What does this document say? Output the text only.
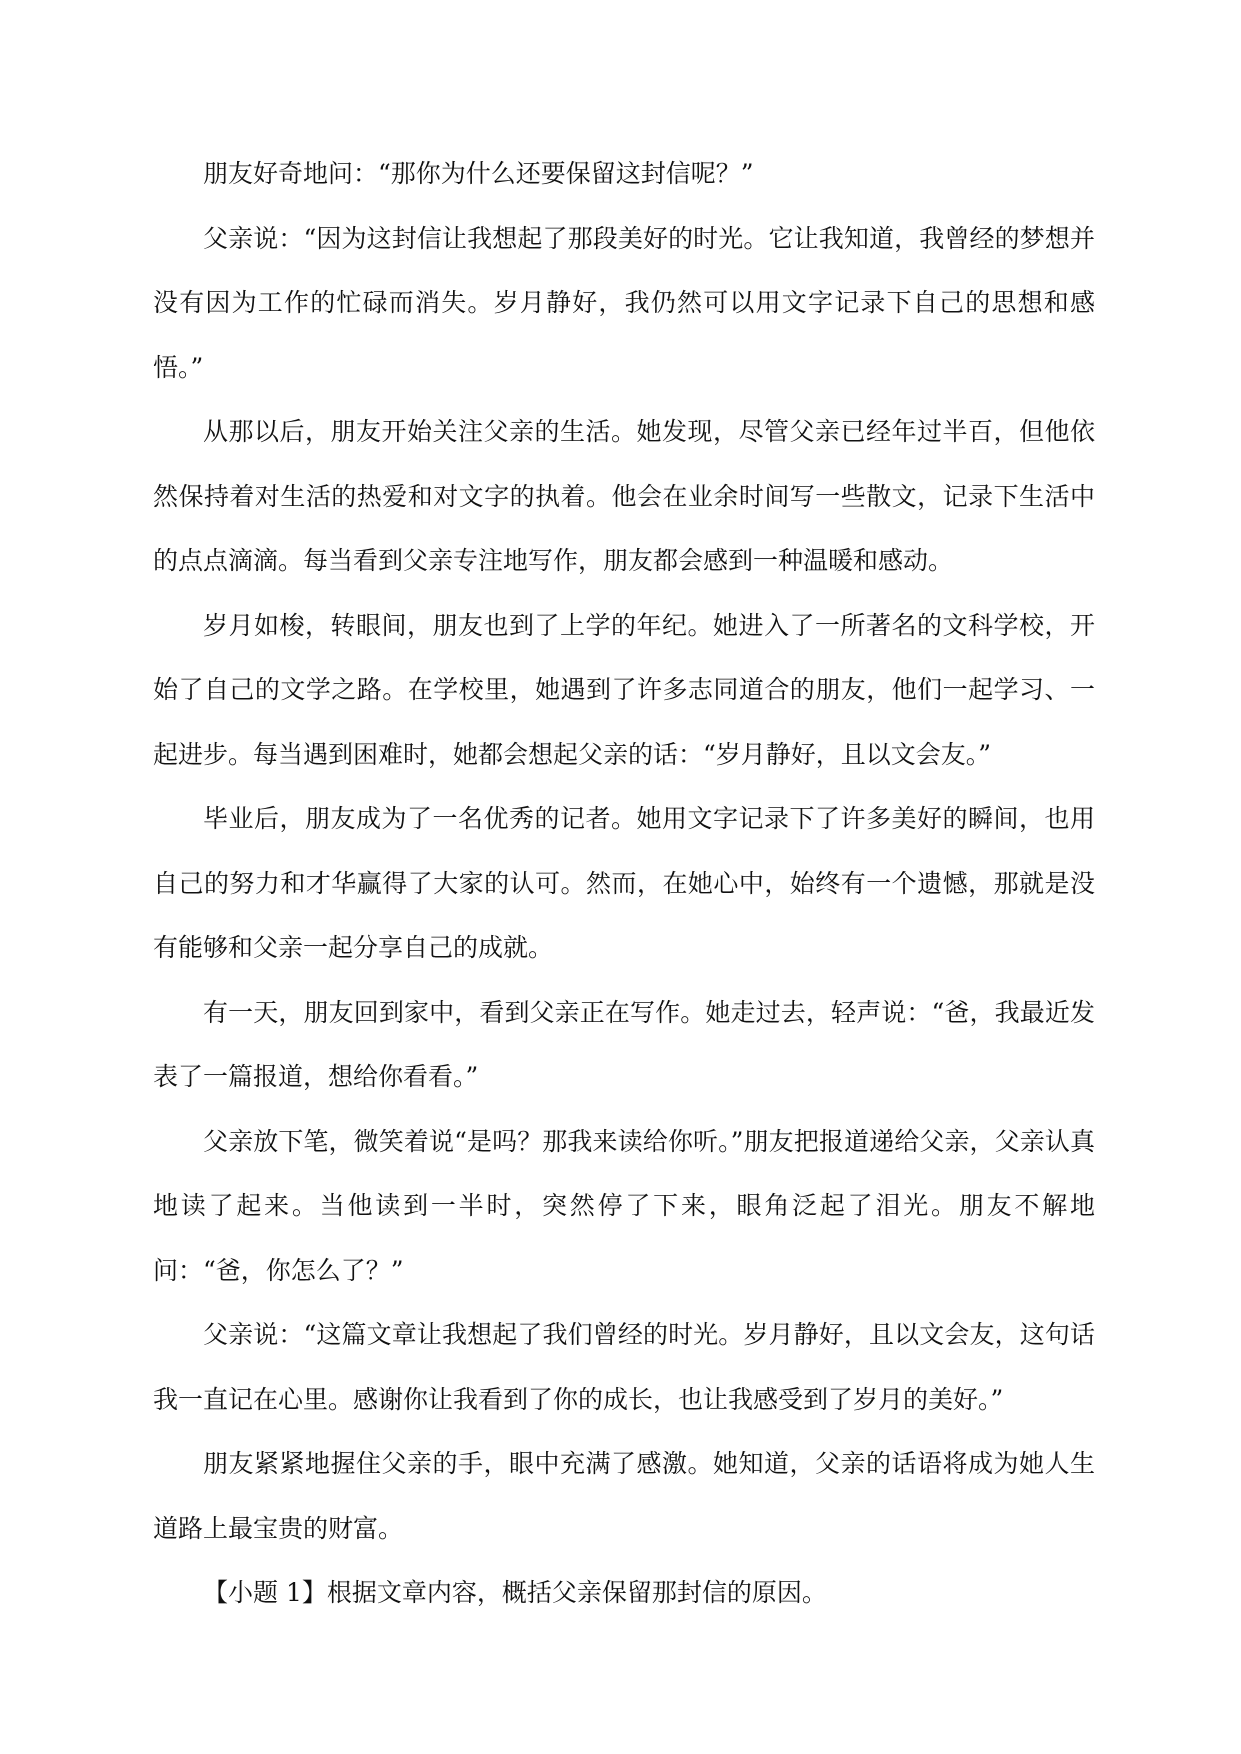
朋友好奇地问：“那你为什么还要保留这封信呢？”

父亲说：“因为这封信让我想起了那段美好的时光。它让我知道，我曾经的梦想并没有因为工作的忙碌而消失。岁月静好，我仍然可以用文字记录下自己的思想和感悟。”

从那以后，朋友开始关注父亲的生活。她发现，尽管父亲已经年过半百，但他依然保持着对生活的热爱和对文字的执着。他会在业余时间写一些散文，记录下生活中的点点滴滴。每当看到父亲专注地写作，朋友都会感到一种温暖和感动。

岁月如梭，转眼间，朋友也到了上学的年纪。她进入了一所著名的文科学校，开始了自己的文学之路。在学校里，她遇到了许多志同道合的朋友，他们一起学习、一起进步。每当遇到困难时，她都会想起父亲的话：“岁月静好，且以文会友。”

毕业后，朋友成为了一名优秀的记者。她用文字记录下了许多美好的瞬间，也用自己的努力和才华赢得了大家的认可。然而，在她心中，始终有一个遗憾，那就是没有能够和父亲一起分享自己的成就。

有一天，朋友回到家中，看到父亲正在写作。她走过去，轻声说：“爸，我最近发表了一篇报道，想给你看看。”

父亲放下笔，微笑着说“是吗？那我来读给你听。”朋友把报道递给父亲，父亲认真地读了起来。当他读到一半时，突然停了下来，眼角泛起了泪光。朋友不解地问：“爸，你怎么了？”

父亲说：“这篇文章让我想起了我们曾经的时光。岁月静好，且以文会友，这句话我一直记在心里。感谢你让我看到了你的成长，也让我感受到了岁月的美好。”

朋友紧紧地握住父亲的手，眼中充满了感激。她知道，父亲的话语将成为她人生道路上最宝贵的财富。

【小题 1】根据文章内容，概括父亲保留那封信的原因。
